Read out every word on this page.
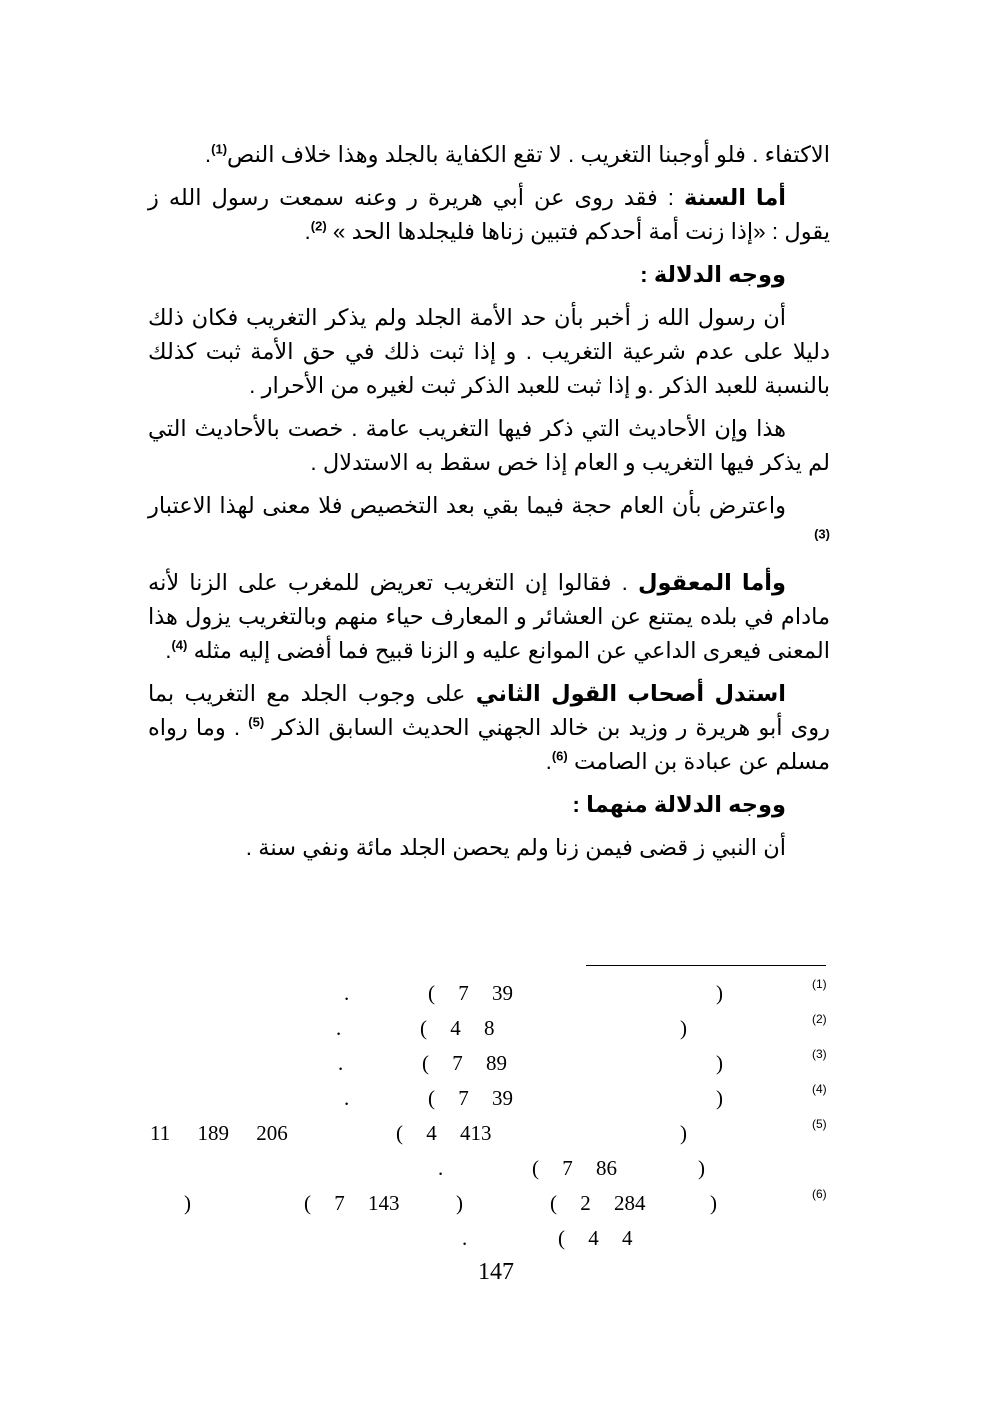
الاكتفاء . فلو أوجبنا التغريب . لا تقع الكفاية بالجلد وهذا خلاف النص$^{(1)}$.

أما السنة : فقد روى عن أبي هريرة ر وعنه سمعت رسول الله ز يقول : «إذا زنت أمة أحدكم فتبين زناها فليجلدها الحد » $^{(2)}$.

ووجه الدلالة :

أن رسول الله ز أخبر بأن حد الأمة الجلد ولم يذكر التغريب فكان ذلك دليلا على عدم شرعية التغريب . و إذا ثبت ذلك في حق الأمة ثبت كذلك بالنسبة للعبد الذكر .و إذا ثبت للعبد الذكر ثبت لغيره من الأحرار .

هذا وإن الأحاديث التي ذكر فيها التغريب عامة . خصت بالأحاديث التي لم يذكر فيها التغريب و العام إذا خص سقط به الاستدلال .

واعترض بأن العام حجة فيما بقي بعد التخصيص فلا معنى لهذا الاعتبار $^{(3)}$

وأما المعقول . فقالوا إن التغريب تعريض للمغرب على الزنا لأنه مادام في بلده يمتنع عن العشائر و المعارف حياء منهم وبالتغريب يزول هذا المعنى فيعرى الداعي عن الموانع عليه و الزنا قبيح فما أفضى إليه مثله $^{(4)}$.

استدل أصحاب القول الثاني على وجوب الجلد مع التغريب بما روى أبو هريرة ر وزيد بن خالد الجهني الحديث السابق الذكر $^{(5)}$ . وما رواه مسلم عن عبادة بن الصامت $^{(6)}$.

ووجه الدلالة منهما :

أن النبي ز قضى فيمن زنا ولم يحصن الجلد مائة ونفي سنة .

(1)
)
( 7 39
.
(2)
)
( 4 8
.
(3)
)
( 7 89
.
(4)
)
( 7 39
.
(5)
)
( 4 413
11 189 206
)
( 7 86
.
(6)
)
( 2 284
)
( 7 143
)
( 4 4
.
147
